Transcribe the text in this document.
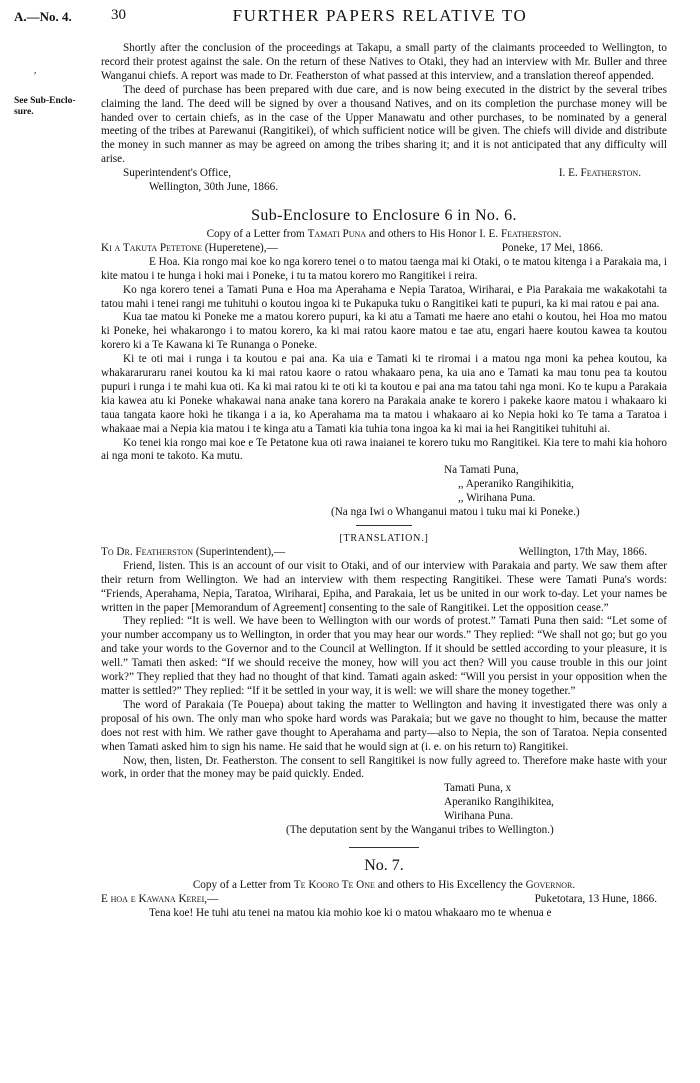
A.—No. 4.	30	FURTHER PAPERS RELATIVE TO
′
See Sub-Enclo-
sure.

Shortly after the conclusion of the proceedings at Takapu, a small party of the claimants proceeded to Wellington, to record their protest against the sale. On the return of these Natives to Otaki, they had an interview with Mr. Buller and three Wanganui chiefs. A report was made to Dr. Featherston of what passed at this interview, and a translation thereof appended.

The deed of purchase has been prepared with due care, and is now being executed in the district by the several tribes claiming the land. The deed will be signed by over a thousand Natives, and on its completion the purchase money will be handed over to certain chiefs, as in the case of the Upper Manawatu and other purchases, to be nominated by a general meeting of the tribes at Parewanui (Rangitikei), of which sufficient notice will be given. The chiefs will divide and distribute the money in such manner as may be agreed on among the tribes sharing it; and it is not anticipated that any difficulty will arise.

Superintendent's Office,	I. E. Featherston.

Wellington, 30th June, 1866.

Sub-Enclosure to Enclosure 6 in No. 6.

Copy of a Letter from Tamati Puna and others to His Honor I. E. Featherston.

Ki a Takuta Petetone (Huperetene),—	Poneke, 17 Mei, 1866.

E Hoa. Kia rongo mai koe ko nga korero tenei o to matou taenga mai ki Otaki, o te matou kitenga i a Parakaia ma, i kite matou i te hunga i hoki mai i Poneke, i tu ta matou korero mo Rangitikei i reira.

Ko nga korero tenei a Tamati Puna e Hoa ma Aperahama e Nepia Taratoa, Wiriharai, e Pia Parakaia me wakakotahi ta tatou mahi i tenei rangi me tuhituhi o koutou ingoa ki te Pukapuka tuku o Rangitikei kati te pupuri, ka ki mai ratou e pai ana.

Kua tae matou ki Poneke me a matou korero pupuri, ka ki atu a Tamati me haere ano etahi o koutou, hei Hoa mo matou ki Poneke, hei whakarongo i to matou korero, ka ki mai ratou kaore matou e tae atu, engari haere koutou kawea ta koutou korero ki a Te Kawana ki Te Runanga o Poneke.

Ki te oti mai i runga i ta koutou e pai ana. Ka uia e Tamati ki te riromai i a matou nga moni ka pehea koutou, ka whakararuraru ranei koutou ka ki mai ratou kaore o ratou whakaaro pena, ka uia ano e Tamati ka mau tonu pea ta koutou pupuri i runga i te mahi kua oti. Ka ki mai ratou ki te oti ki ta koutou e pai ana ma tatou tahi nga moni. Ko te kupu a Parakaia kia kawea atu ki Poneke whakawai nana anake tana korero na Parakaia anake te korero i pakeke kaore matou i whakaaro ki taua tangata kaore hoki he tikanga i a ia, ko Aperahama ma ta matou i whakaaro ai ko Nepia hoki ko Te tama a Taratoa i whakaae mai a Nepia kia matou i te kinga atu a Tamati kia tuhia tona ingoa ka ki mai ia hei Rangitikei tuhituhi ai.

Ko tenei kia rongo mai koe e Te Petatone kua oti rawa inaianei te korero tuku mo Rangitikei. Kia tere to mahi kia hohoro ai nga moni te takoto. Ka mutu.

Na Tamati Puna,

,, Aperaniko Rangihikitia,

,, Wirihana Puna.

(Na nga Iwi o Whanganui matou i tuku mai ki Poneke.)

[TRANSLATION.]
To Dr. Featherston (Superintendent),—	Wellington, 17th May, 1866.

Friend, listen. This is an account of our visit to Otaki, and of our interview with Parakaia and party. We saw them after their return from Wellington. We had an interview with them respecting Rangitikei. These were Tamati Puna's words: “Friends, Aperahama, Nepia, Taratoa, Wiriharai, Epiha, and Parakaia, let us be united in our work to-day. Let your names be written in the paper [Memorandum of Agreement] consenting to the sale of Rangitikei. Let the opposition cease.”

They replied: “It is well. We have been to Wellington with our words of protest.” Tamati Puna then said: “Let some of your number accompany us to Wellington, in order that you may hear our words.” They replied: “We shall not go; but go you and take your words to the Governor and to the Council at Wellington. If it should be settled according to your pleasure, it is well.” Tamati then asked: “If we should receive the money, how will you act then? Will you cause trouble in this our joint work?” They replied that they had no thought of that kind. Tamati again asked: “Will you persist in your opposition when the matter is settled?” They replied: “If it be settled in your way, it is well: we will share the money together.”

The word of Parakaia (Te Pouepa) about taking the matter to Wellington and having it investigated there was only a proposal of his own. The only man who spoke hard words was Parakaia; but we gave no thought to him, because the matter does not rest with him. We rather gave thought to Aperahama and party—also to Nepia, the son of Taratoa. Nepia consented when Tamati asked him to sign his name. He said that he would sign at (i. e. on his return to) Rangitikei.

Now, then, listen, Dr. Featherston. The consent to sell Rangitikei is now fully agreed to. Therefore make haste with your work, in order that the money may be paid quickly. Ended.

Tamati Puna, x

Aperaniko Rangihikitea,

Wirihana Puna.

(The deputation sent by the Wanganui tribes to Wellington.)

No. 7.

Copy of a Letter from Te Kooro Te One and others to His Excellency the Governor.

E hoa e Kawana Kerei,—	Puketotara, 13 Hune, 1866.

Tena koe! He tuhi atu tenei na matou kia mohio koe ki o matou whakaaro mo te whenua e
